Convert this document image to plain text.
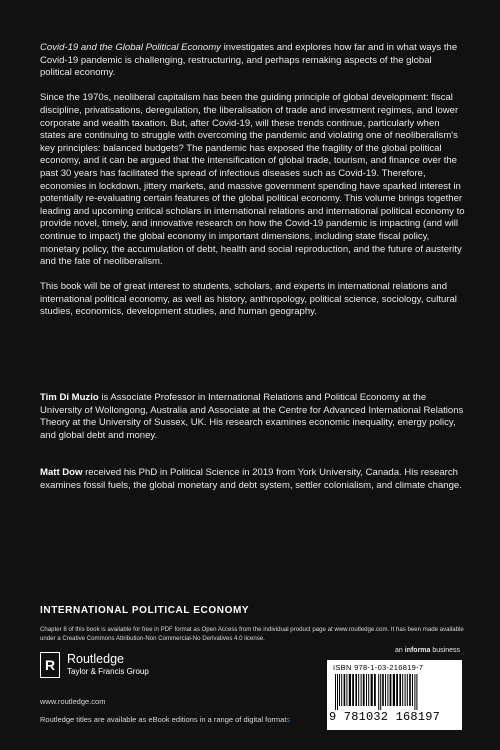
Covid-19 and the Global Political Economy investigates and explores how far and in what ways the Covid-19 pandemic is challenging, restructuring, and perhaps remaking aspects of the global political economy.

Since the 1970s, neoliberal capitalism has been the guiding principle of global development: fiscal discipline, privatisations, deregulation, the liberalisation of trade and investment regimes, and lower corporate and wealth taxation. But, after Covid-19, will these trends continue, particularly when states are continuing to struggle with overcoming the pandemic and violating one of neoliberalism's key principles: balanced budgets? The pandemic has exposed the fragility of the global political economy, and it can be argued that the intensification of global trade, tourism, and finance over the past 30 years has facilitated the spread of infectious diseases such as Covid-19. Therefore, economies in lockdown, jittery markets, and massive government spending have sparked interest in potentially re-evaluating certain features of the global political economy. This volume brings together leading and upcoming critical scholars in international relations and international political economy to provide novel, timely, and innovative research on how the Covid-19 pandemic is impacting (and will continue to impact) the global economy in important dimensions, including state fiscal policy, monetary policy, the accumulation of debt, health and social reproduction, and the future of austerity and the fate of neoliberalism.

This book will be of great interest to students, scholars, and experts in international relations and international political economy, as well as history, anthropology, political science, sociology, cultural studies, economics, development studies, and human geography.

Tim Di Muzio is Associate Professor in International Relations and Political Economy at the University of Wollongong, Australia and Associate at the Centre for Advanced International Relations Theory at the University of Sussex, UK. His research examines economic inequality, energy policy, and global debt and money.
Matt Dow received his PhD in Political Science in 2019 from York University, Canada. His research examines fossil fuels, the global monetary and debt system, settler colonialism, and climate change.
INTERNATIONAL POLITICAL ECONOMY
Chapter 8 of this book is available for free in PDF format as Open Access from the individual product page at www.routledge.com. It has been made available under a Creative Commons Attribution-Non Commercial-No Derivatives 4.0 license.
R Routledge
Taylor & Francis Group
www.routledge.com
Routledge titles are available as eBook editions in a range of digital formats
an informa business
ISBN 978-1-03-216819-7
9 781032 168197
